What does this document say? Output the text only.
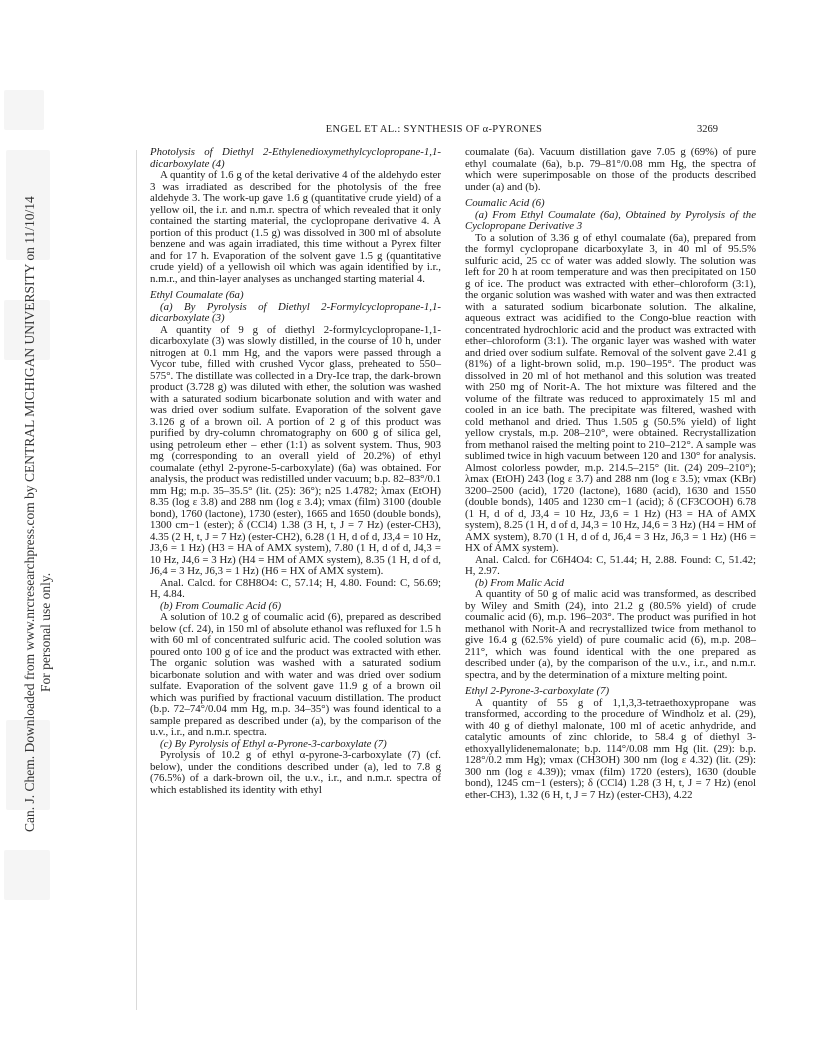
Can. J. Chem. Downloaded from www.nrcresearchpress.com by CENTRAL MICHIGAN UNIVERSITY on 11/10/14 For personal use only.
ENGEL ET AL.: SYNTHESIS OF α-PYRONES	3269
Photolysis of Diethyl 2-Ethylenedioxymethylcyclopropane-1,1-dicarboxylate (4)

A quantity of 1.6 g of the ketal derivative 4 of the aldehydo ester 3 was irradiated as described for the photolysis of the free aldehyde 3. The work-up gave 1.6 g (quantitative crude yield) of a yellow oil, the i.r. and n.m.r. spectra of which revealed that it only contained the starting material, the cyclopropane derivative 4. A portion of this product (1.5 g) was dissolved in 300 ml of absolute benzene and was again irradiated, this time without a Pyrex filter and for 17 h. Evaporation of the solvent gave 1.5 g (quantitative crude yield) of a yellowish oil which was again identified by i.r., n.m.r., and thin-layer analyses as unchanged starting material 4.

Ethyl Coumalate (6a)
(a) By Pyrolysis of Diethyl 2-Formylcyclopropane-1,1-dicarboxylate (3)

A quantity of 9 g of diethyl 2-formylcyclopropane-1,1-dicarboxylate (3) was slowly distilled, in the course of 10 h, under nitrogen at 0.1 mm Hg, and the vapors were passed through a Vycor tube, filled with crushed Vycor glass, preheated to 550–575°. The distillate was collected in a Dry-Ice trap, the dark-brown product (3.728 g) was diluted with ether, the solution was washed with a saturated sodium bicarbonate solution and with water and was dried over sodium sulfate. Evaporation of the solvent gave 3.126 g of a brown oil. A portion of 2 g of this product was purified by dry-column chromatography on 600 g of silica gel, using petroleum ether – ether (1:1) as solvent system. Thus, 903 mg (corresponding to an overall yield of 20.2%) of ethyl coumalate (ethyl 2-pyrone-5-carboxylate) (6a) was obtained. For analysis, the product was redistilled under vacuum; b.p. 82–83°/0.1 mm Hg; m.p. 35–35.5° (lit. (25): 36°); n25 1.4782; λmax (EtOH) 8.35 (log ε 3.8) and 288 nm (log ε 3.4); νmax (film) 3100 (double bond), 1760 (lactone), 1730 (ester), 1665 and 1650 (double bonds), 1300 cm−1 (ester); δ (CCl4) 1.38 (3 H, t, J = 7 Hz) (ester-CH3), 4.35 (2 H, t, J = 7 Hz) (ester-CH2), 6.28 (1 H, d of d, J3,4 = 10 Hz, J3,6 = 1 Hz) (H3 = HA of AMX system), 7.80 (1 H, d of d, J4,3 = 10 Hz, J4,6 = 3 Hz) (H4 = HM of AMX system), 8.35 (1 H, d of d, J6,4 = 3 Hz, J6,3 = 1 Hz) (H6 = HX of AMX system).

Anal. Calcd. for C8H8O4: C, 57.14; H, 4.80. Found: C, 56.69; H, 4.84.

(b) From Coumalic Acid (6)

A solution of 10.2 g of coumalic acid (6), prepared as described below (cf. 24), in 150 ml of absolute ethanol was refluxed for 1.5 h with 60 ml of concentrated sulfuric acid. The cooled solution was poured onto 100 g of ice and the product was extracted with ether. The organic solution was washed with a saturated sodium bicarbonate solution and with water and was dried over sodium sulfate. Evaporation of the solvent gave 11.9 g of a brown oil which was purified by fractional vacuum distillation. The product (b.p. 72–74°/0.04 mm Hg, m.p. 34–35°) was found identical to a sample prepared as described under (a), by the comparison of the u.v., i.r., and n.m.r. spectra.

(c) By Pyrolysis of Ethyl α-Pyrone-3-carboxylate (7)

Pyrolysis of 10.2 g of ethyl α-pyrone-3-carboxylate (7) (cf. below), under the conditions described under (a), led to 7.8 g (76.5%) of a dark-brown oil, the u.v., i.r., and n.m.r. spectra of which established its identity with ethyl

coumalate (6a). Vacuum distillation gave 7.05 g (69%) of pure ethyl coumalate (6a), b.p. 79–81°/0.08 mm Hg, the spectra of which were superimposable on those of the products described under (a) and (b).

Coumalic Acid (6)
(a) From Ethyl Coumalate (6a), Obtained by Pyrolysis of the Cyclopropane Derivative 3

To a solution of 3.36 g of ethyl coumalate (6a), prepared from the formyl cyclopropane dicarboxylate 3, in 40 ml of 95.5% sulfuric acid, 25 cc of water was added slowly. The solution was left for 20 h at room temperature and was then precipitated on 150 g of ice. The product was extracted with ether–chloroform (3:1), the organic solution was washed with water and was then extracted with a saturated sodium bicarbonate solution. The alkaline, aqueous extract was acidified to the Congo-blue reaction with concentrated hydrochloric acid and the product was extracted with ether–chloroform (3:1). The organic layer was washed with water and dried over sodium sulfate. Removal of the solvent gave 2.41 g (81%) of a light-brown solid, m.p. 190–195°. The product was dissolved in 20 ml of hot methanol and this solution was treated with 250 mg of Norit-A. The hot mixture was filtered and the volume of the filtrate was reduced to approximately 15 ml and cooled in an ice bath. The precipitate was filtered, washed with cold methanol and dried. Thus 1.505 g (50.5% yield) of light yellow crystals, m.p. 208–210°, were obtained. Recrystallization from methanol raised the melting point to 210–212°. A sample was sublimed twice in high vacuum between 120 and 130° for analysis. Almost colorless powder, m.p. 214.5–215° (lit. (24) 209–210°); λmax (EtOH) 243 (log ε 3.7) and 288 nm (log ε 3.5); νmax (KBr) 3200–2500 (acid), 1720 (lactone), 1680 (acid), 1630 and 1550 (double bonds), 1405 and 1230 cm−1 (acid); δ (CF3COOH) 6.78 (1 H, d of d, J3,4 = 10 Hz, J3,6 = 1 Hz) (H3 = HA of AMX system), 8.25 (1 H, d of d, J4,3 = 10 Hz, J4,6 = 3 Hz) (H4 = HM of AMX system), 8.70 (1 H, d of d, J6,4 = 3 Hz, J6,3 = 1 Hz) (H6 = HX of AMX system).

Anal. Calcd. for C6H4O4: C, 51.44; H, 2.88. Found: C, 51.42; H, 2.97.

(b) From Malic Acid

A quantity of 50 g of malic acid was transformed, as described by Wiley and Smith (24), into 21.2 g (80.5% yield) of crude coumalic acid (6), m.p. 196–203°. The product was purified in hot methanol with Norit-A and recrystallized twice from methanol to give 16.4 g (62.5% yield) of pure coumalic acid (6), m.p. 208–211°, which was found identical with the one prepared as described under (a), by the comparison of the u.v., i.r., and n.m.r. spectra, and by the determination of a mixture melting point.

Ethyl 2-Pyrone-3-carboxylate (7)

A quantity of 55 g of 1,1,3,3-tetraethoxypropane was transformed, according to the procedure of Windholz et al. (29), with 40 g of diethyl malonate, 100 ml of acetic anhydride, and catalytic amounts of zinc chloride, to 58.4 g of diethyl 3-ethoxyallylidenemalonate; b.p. 114°/0.08 mm Hg (lit. (29): b.p. 128°/0.2 mm Hg); νmax (CH3OH) 300 nm (log ε 4.32) (lit. (29): 300 nm (log ε 4.39)); νmax (film) 1720 (esters), 1630 (double bond), 1245 cm−1 (esters); δ (CCl4) 1.28 (3 H, t, J = 7 Hz) (enol ether-CH3), 1.32 (6 H, t, J = 7 Hz) (ester-CH3), 4.22
